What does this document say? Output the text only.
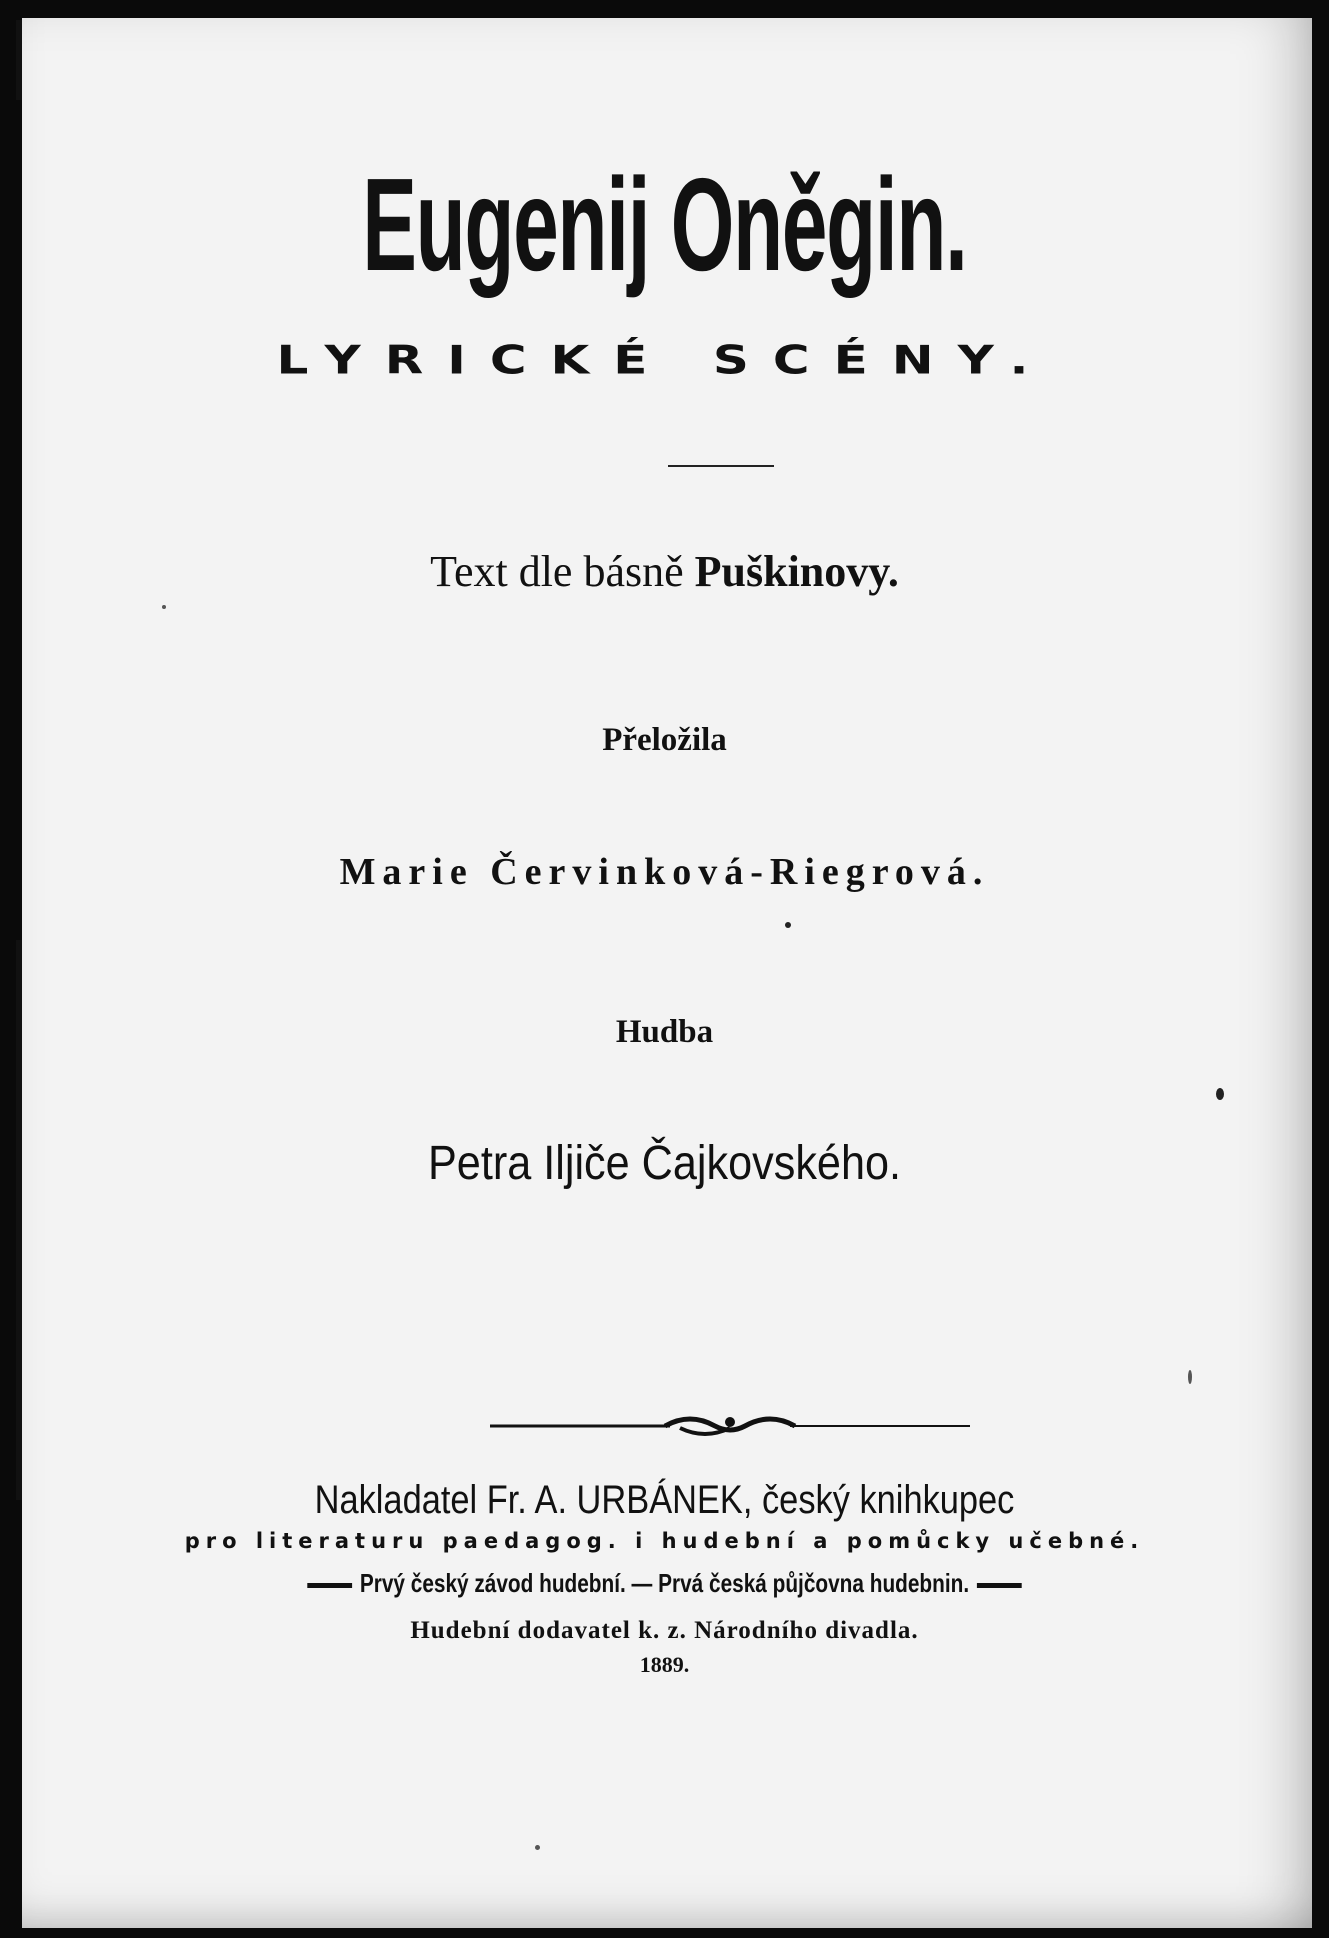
Eugenij Oněgin.
LYRICKÉ SCÉNY.
Text dle básně Puškinovy.
Přeložila
Marie Červinková-Riegrová.
Hudba
Petra Iljiče Čajkovského.
Nakladatel Fr. A. URBÁNEK, český knihkupec
pro literaturu paedagog. i hudební a pomůcky učebné.
Prvý český závod hudební. — Prvá česká půjčovna hudebnin.
Hudební dodavatel k. z. Národního divadla.
1889.
